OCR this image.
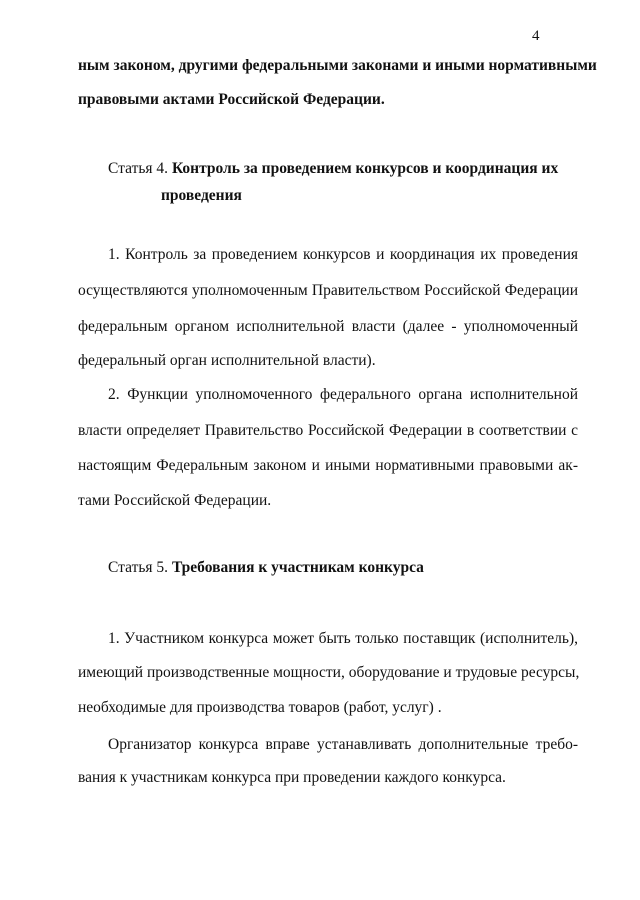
4
ным законом, другими федеральными законами и иными нормативными
правовыми актами Российской Федерации.
Статья 4. Контроль за проведением конкурсов и координация их
проведения
1. Контроль за проведением конкурсов и координация их проведения
осуществляются уполномоченным Правительством Российской Федерации
федеральным органом исполнительной власти (далее - уполномоченный
федеральный орган исполнительной власти).
2. Функции уполномоченного федерального органа исполнительной
власти определяет Правительство Российской Федерации в соответствии с
настоящим Федеральным законом и иными нормативными правовыми ак-
тами Российской Федерации.
Статья 5. Требования к участникам конкурса
1. Участником конкурса может быть только поставщик (исполнитель),
имеющий производственные мощности, оборудование и трудовые ресурсы,
необходимые для производства товаров (работ, услуг) .
Организатор конкурса вправе устанавливать дополнительные требо-
вания к участникам конкурса при проведении каждого конкурса.
